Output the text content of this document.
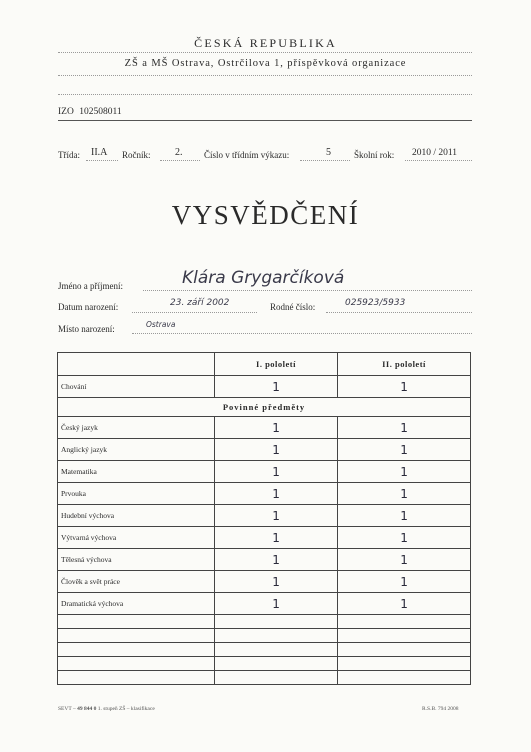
ČESKÁ REPUBLIKA
ZŠ a MŠ Ostrava, Ostrčilova 1, příspěvková organizace
IZO 102508011
Třída: II.A Ročník: 2. Číslo v třídním výkazu:	5	Školní rok: 2010 / 2011
VYSVĚDČENÍ
Jméno a příjmení:	Klára Grygarčíková
Datum narození:	23. září 2002	Rodné číslo:	025923/5933
Místo narození:	Ostrava
	I. pololetí	II. pololetí
Chování	1	1
Povinné předměty		
Český jazyk	1	1
Anglický jazyk	1	1
Matematika	1	1
Prvouka	1	1
Hudební výchova	1	1
Výtvarná výchova	1	1
Tělesná výchova	1	1
Člověk a svět práce	1	1
Dramatická výchova	1	1

SEVT – 49 844 0 1. stupeň ZŠ – klasifikace	R.S.B. 794 2008
